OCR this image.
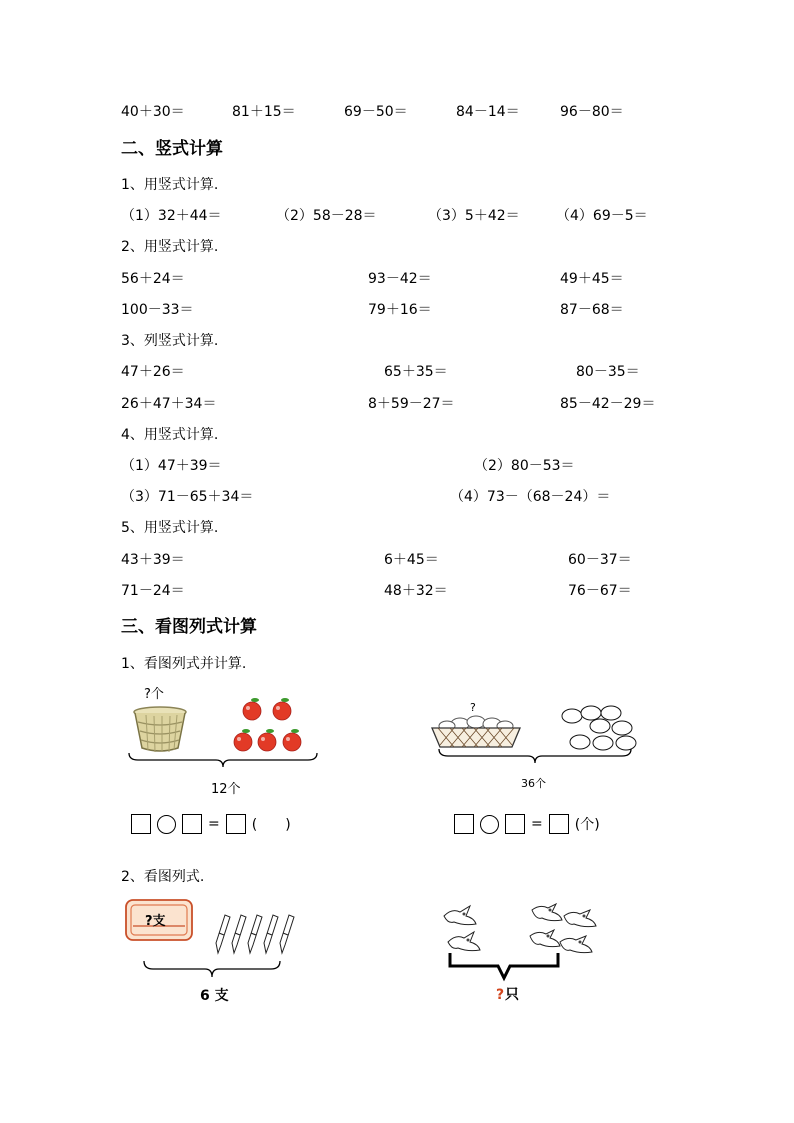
40＋30＝	81＋15＝	69－50＝	84－14＝	96－80＝
二、竖式计算
1、用竖式计算.
（1）32＋44＝	（2）58－28＝	（3）5＋42＝	（4）69－5＝
2、用竖式计算.
56＋24＝	93－42＝	49＋45＝
100－33＝	79＋16＝	87－68＝
3、列竖式计算.
47＋26＝	65＋35＝	80－35＝
26＋47＋34＝	8＋59－27＝	85－42－29＝
4、用竖式计算.
（1）47＋39＝	（2）80－53＝
（3）71－65＋34＝	（4）73－（68－24）＝
5、用竖式计算.
43＋39＝	6＋45＝	60－37＝
71－24＝	48＋32＝	76－67＝
三、看图列式计算
1、看图列式并计算.
?个
12个
= (　　)
?
36个
= (个)
2、看图列式.
?支
6 支	? 只
